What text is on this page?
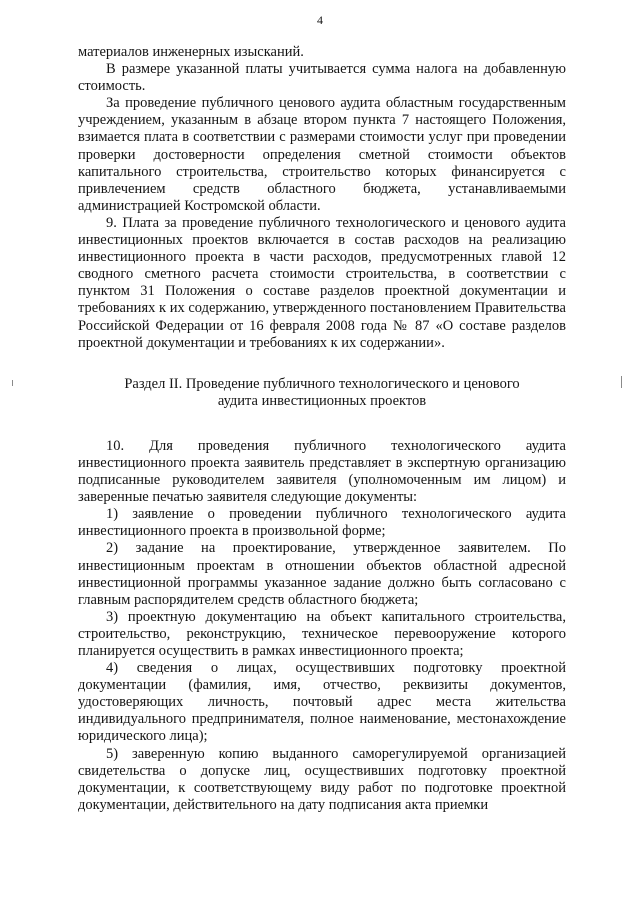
4

материалов инженерных изысканий.

В размере указанной платы учитывается сумма налога на добавленную стоимость.

За проведение публичного ценового аудита областным государственным учреждением, указанным в абзаце втором пункта 7 настоящего Положения, взимается плата в соответствии с размерами стоимости услуг при проведении проверки достоверности определения сметной стоимости объектов капитального строительства, строительство которых финансируется с привлечением средств областного бюджета, устанавливаемыми администрацией Костромской области.

9. Плата за проведение публичного технологического и ценового аудита инвестиционных проектов включается в состав расходов на реализацию инвестиционного проекта в части расходов, предусмотренных главой 12 сводного сметного расчета стоимости строительства, в соответствии с пунктом 31 Положения о составе разделов проектной документации и требованиях к их содержанию, утвержденного постановлением Правительства Российской Федерации от 16 февраля 2008 года № 87 «О составе разделов проектной документации и требованиях к их содержании».

Раздел II. Проведение публичного технологического и ценового
аудита инвестиционных проектов

10. Для проведения публичного технологического аудита инвестиционного проекта заявитель представляет в экспертную организацию подписанные руководителем заявителя (уполномоченным им лицом) и заверенные печатью заявителя следующие документы:

1) заявление о проведении публичного технологического аудита инвестиционного проекта в произвольной форме;

2) задание на проектирование, утвержденное заявителем. По инвестиционным проектам в отношении объектов областной адресной инвестиционной программы указанное задание должно быть согласовано с главным распорядителем средств областного бюджета;

3) проектную документацию на объект капитального строительства, строительство, реконструкцию, техническое перевооружение которого планируется осуществить в рамках инвестиционного проекта;

4) сведения о лицах, осуществивших подготовку проектной документации (фамилия, имя, отчество, реквизиты документов, удостоверяющих личность, почтовый адрес места жительства индивидуального предпринимателя, полное наименование, местонахождение юридического лица);

5) заверенную копию выданного саморегулируемой организацией свидетельства о допуске лиц, осуществивших подготовку проектной документации, к соответствующему виду работ по подготовке проектной документации, действительного на дату подписания акта приемки
